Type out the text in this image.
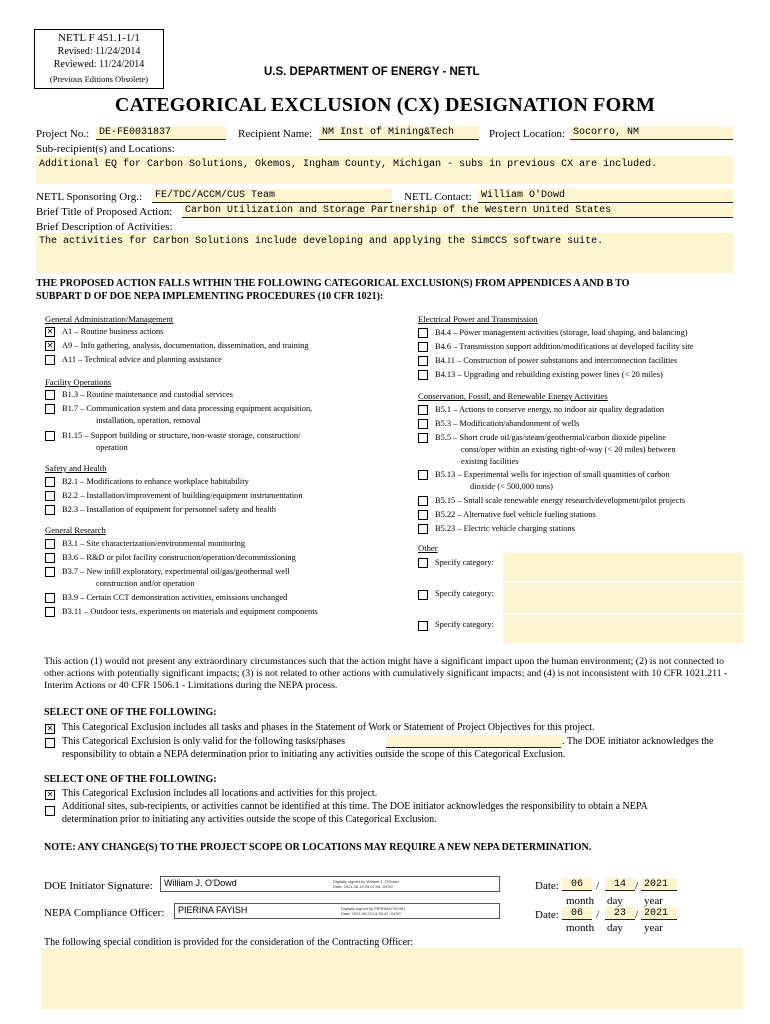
NETL F 451.1-1/1
Revised: 11/24/2014
Reviewed: 11/24/2014
(Previous Editions Obsolete)
U.S. DEPARTMENT OF ENERGY - NETL
CATEGORICAL EXCLUSION (CX) DESIGNATION FORM
Project No.: DE-FE0031837	Recipient Name: NM Inst of Mining&Tech	Project Location: Socorro, NM
Sub-recipient(s) and Locations:
Additional EQ for Carbon Solutions, Okemos, Ingham County, Michigan - subs in previous CX are included.
NETL Sponsoring Org.:	FE/TDC/ACCM/CUS Team	NETL Contact: William O'Dowd
Brief Title of Proposed Action:	Carbon Utilization and Storage Partnership of the Western United States
Brief Description of Activities:
The activities for Carbon Solutions include developing and applying the SimCCS software suite.
THE PROPOSED ACTION FALLS WITHIN THE FOLLOWING CATEGORICAL EXCLUSION(S) FROM APPENDICES A AND B TO
SUBPART D OF DOE NEPA IMPLEMENTING PROCEDURES (10 CFR 1021):
General Administration/Management
✕
A1 – Routine business actions
✕
A9 – Info gathering, analysis, documentation, dissemination, and training
A11 – Technical advice and planning assistance
Facility Operations
B1.3 – Routine maintenance and custodial services
B1.7 – Communication system and data processing equipment acquisition,
installation, operation, removal
B1.15 – Support building or structure, non-waste storage, construction/
operation
Safety and Health
B2.1 – Modifications to enhance workplace habitability
B2.2 – Installation/improvement of building/equipment instrumentation
B2.3 – Installation of equipment for personnel safety and health
General Research
B3.1 – Site characterization/environmental monitoring
B3.6 – R&D or pilot facility construction/operation/decommissioning
B3.7 – New infill exploratory, experimental oil/gas/geothermal well
construction and/or operation
B3.9 – Certain CCT demonstration activities, emissions unchanged
B3.11 – Outdoor tests, experiments on materials and equipment components
Electrical Power and Transmission
B4.4 – Power management activities (storage, load shaping, and balancing)
B4.6 – Transmission support addition/modifications at developed facility site
B4.11 – Construction of power substations and interconnection facilities
B4.13 – Upgrading and rebuilding existing power lines (< 20 miles)
Conservation, Fossil, and Renewable Energy Activities
B5.1 – Actions to conserve energy, no indoor air quality degradation
B5.3 – Modification/abandonment of wells
B5.5 – Short crude oil/gas/steam/geothermal/carbon dioxide pipeline
const/oper within an existing right-of-way (< 20 miles) between
existing facilities
B5.13 – Experimental wells for injection of small quantities of carbon
dioxide (< 500,000 tons)
B5.15 – Small scale renewable energy research/development/pilot projects
B5.22 – Alternative fuel vehicle fueling stations
B5.23 – Electric vehicle charging stations
Other
Specify category:
Specify category:
Specify category:
This action (1) would not present any extraordinary circumstances such that the action might have a significant impact upon the human environment; (2) is not connected to other actions with potentially significant impacts; (3) is not related to other actions with cumulatively significant impacts; and (4) is not inconsistent with 10 CFR 1021.211 - Interim Actions or 40 CFR 1506.1 - Limitations during the NEPA process.
SELECT ONE OF THE FOLLOWING:
✕
This Categorical Exclusion includes all tasks and phases in the Statement of Work or Statement of Project Objectives for this project.
This Categorical Exclusion is only valid for the following tasks/phases	. The DOE initiator acknowledges the
responsibility to obtain a NEPA determination prior to initiating any activities outside the scope of this Categorical Exclusion.
SELECT ONE OF THE FOLLOWING:
✕
This Categorical Exclusion includes all locations and activities for this project.
Additional sites, sub-recipients, or activities cannot be identified at this time. The DOE initiator acknowledges the responsibility to obtain a NEPA
determination prior to initiating any activities outside the scope of this Categorical Exclusion.
NOTE: ANY CHANGE(S) TO THE PROJECT SCOPE OR LOCATIONS MAY REQUIRE A NEW NEPA DETERMINATION.
DOE Initiator Signature: William J. O'Dowd	Digitally signed by William J. O'Dowd
Date: 2021.06.14 09:07:06 -04'00'
NEPA Compliance Officer: PIERINA FAYISH	Digitally signed by PIERINA FAYISH
Date: 2021.06.23 14:35:41 -04'00'
Date:	06	/	14 / 2021
month day year
Date:	06	/	23 / 2021
month day year
The following special condition is provided for the consideration of the Contracting Officer:
